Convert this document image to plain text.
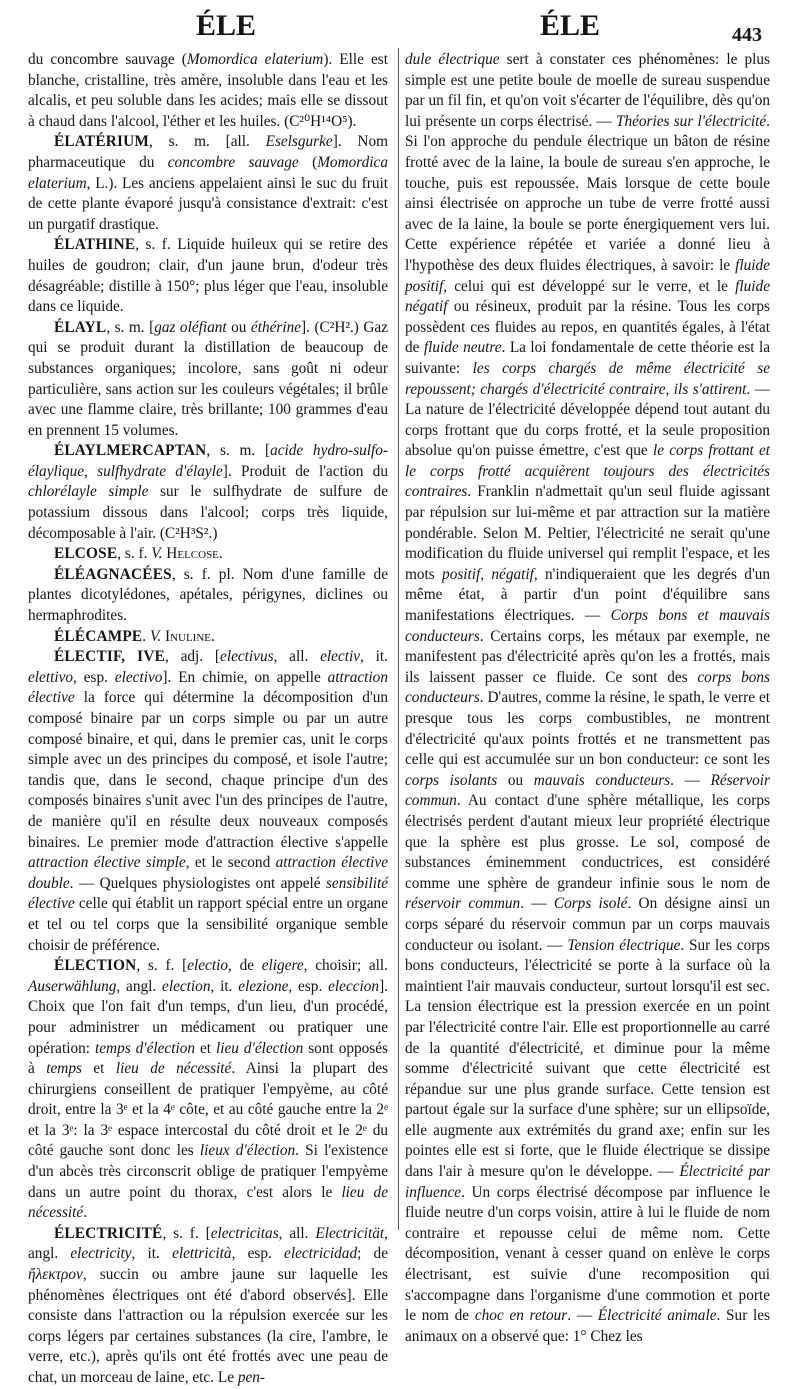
ÉLE	ÉLE	443

du concombre sauvage (Momordica elaterium). Elle est blanche, cristalline, très amère, insoluble dans l'eau et les alcalis, et peu soluble dans les acides; mais elle se dissout à chaud dans l'alcool, l'éther et les huiles. (C²⁰H¹⁴O⁵).

ÉLATÉRIUM, s. m. [all. Eselsgurke]. Nom pharmaceutique du concombre sauvage (Momordica elaterium, L.). Les anciens appelaient ainsi le suc du fruit de cette plante évaporé jusqu'à consistance d'extrait: c'est un purgatif drastique.

ÉLATHINE, s. f. Liquide huileux qui se retire des huiles de goudron; clair, d'un jaune brun, d'odeur très désagréable; distille à 150°; plus léger que l'eau, insoluble dans ce liquide.

ÉLAYL, s. m. [gaz oléfiant ou éthérine]. (C²H².) Gaz qui se produit durant la distillation de beaucoup de substances organiques; incolore, sans goût ni odeur particulière, sans action sur les couleurs végétales; il brûle avec une flamme claire, très brillante; 100 grammes d'eau en prennent 15 volumes.

ÉLAYLMERCAPTAN, s. m. [acide hydro-sulfo-élaylique, sulfhydrate d'élayle]. Produit de l'action du chlorélayle simple sur le sulfhydrate de sulfure de potassium dissous dans l'alcool; corps très liquide, décomposable à l'air. (C²H³S².)

ELCOSE, s. f. V. Helcose.

ÉLÉAGNACÉES, s. f. pl. Nom d'une famille de plantes dicotylédones, apétales, périgynes, diclines ou hermaphrodites.

ÉLÉCAMPE. V. Inuline.

ÉLECTIF, IVE, adj. [electivus, all. electiv, it. elettivo, esp. electivo]. En chimie, on appelle attraction élective la force qui détermine la décomposition d'un composé binaire par un corps simple ou par un autre composé binaire, et qui, dans le premier cas, unit le corps simple avec un des principes du composé, et isole l'autre; tandis que, dans le second, chaque principe d'un des composés binaires s'unit avec l'un des principes de l'autre, de manière qu'il en résulte deux nouveaux composés binaires. Le premier mode d'attraction élective s'appelle attraction élective simple, et le second attraction élective double. — Quelques physiologistes ont appelé sensibilité élective celle qui établit un rapport spécial entre un organe et tel ou tel corps que la sensibilité organique semble choisir de préférence.

ÉLECTION, s. f. [electio, de eligere, choisir; all. Auserwählung, angl. election, it. elezione, esp. eleccion]. Choix que l'on fait d'un temps, d'un lieu, d'un procédé, pour administrer un médicament ou pratiquer une opération: temps d'élection et lieu d'élection sont opposés à temps et lieu de nécessité. Ainsi la plupart des chirurgiens conseillent de pratiquer l'empyème, au côté droit, entre la 3ᵉ et la 4ᵉ côte, et au côté gauche entre la 2ᵉ et la 3ᵉ: la 3ᵉ espace intercostal du côté droit et le 2ᵉ du côté gauche sont donc les lieux d'élection. Si l'existence d'un abcès très circonscrit oblige de pratiquer l'empyème dans un autre point du thorax, c'est alors le lieu de nécessité.

ÉLECTRICITÉ, s. f. [electricitas, all. Electricität, angl. electricity, it. elettricità, esp. electricidad; de ἤλεκτρον, succin ou ambre jaune sur laquelle les phénomènes électriques ont été d'abord observés]. Elle consiste dans l'attraction ou la répulsion exercée sur les corps légers par certaines substances (la cire, l'ambre, le verre, etc.), après qu'ils ont été frottés avec une peau de chat, un morceau de laine, etc. Le pen-

dule électrique sert à constater ces phénomènes: le plus simple est une petite boule de moelle de sureau suspendue par un fil fin, et qu'on voit s'écarter de l'équilibre, dès qu'on lui présente un corps électrisé. — Théories sur l'électricité. Si l'on approche du pendule électrique un bâton de résine frotté avec de la laine, la boule de sureau s'en approche, le touche, puis est repoussée. Mais lorsque de cette boule ainsi électrisée on approche un tube de verre frotté aussi avec de la laine, la boule se porte énergiquement vers lui. Cette expérience répétée et variée a donné lieu à l'hypothèse des deux fluides électriques, à savoir: le fluide positif, celui qui est développé sur le verre, et le fluide négatif ou résineux, produit par la résine. Tous les corps possèdent ces fluides au repos, en quantités égales, à l'état de fluide neutre. La loi fondamentale de cette théorie est la suivante: les corps chargés de même électricité se repoussent; chargés d'électricité contraire, ils s'attirent. — La nature de l'électricité développée dépend tout autant du corps frottant que du corps frotté, et la seule proposition absolue qu'on puisse émettre, c'est que le corps frottant et le corps frotté acquièrent toujours des électricités contraires. Franklin n'admettait qu'un seul fluide agissant par répulsion sur lui-même et par attraction sur la matière pondérable. Selon M. Peltier, l'électricité ne serait qu'une modification du fluide universel qui remplit l'espace, et les mots positif, négatif, n'indiqueraient que les degrés d'un même état, à partir d'un point d'équilibre sans manifestations électriques. — Corps bons et mauvais conducteurs. Certains corps, les métaux par exemple, ne manifestent pas d'électricité après qu'on les a frottés, mais ils laissent passer ce fluide. Ce sont des corps bons conducteurs. D'autres, comme la résine, le spath, le verre et presque tous les corps combustibles, ne montrent d'électricité qu'aux points frottés et ne transmettent pas celle qui est accumulée sur un bon conducteur: ce sont les corps isolants ou mauvais conducteurs. — Réservoir commun. Au contact d'une sphère métallique, les corps électrisés perdent d'autant mieux leur propriété électrique que la sphère est plus grosse. Le sol, composé de substances éminemment conductrices, est considéré comme une sphère de grandeur infinie sous le nom de réservoir commun. — Corps isolé. On désigne ainsi un corps séparé du réservoir commun par un corps mauvais conducteur ou isolant. — Tension électrique. Sur les corps bons conducteurs, l'électricité se porte à la surface où la maintient l'air mauvais conducteur, surtout lorsqu'il est sec. La tension électrique est la pression exercée en un point par l'électricité contre l'air. Elle est proportionnelle au carré de la quantité d'électricité, et diminue pour la même somme d'électricité suivant que cette électricité est répandue sur une plus grande surface. Cette tension est partout égale sur la surface d'une sphère; sur un ellipsoïde, elle augmente aux extrémités du grand axe; enfin sur les pointes elle est si forte, que le fluide électrique se dissipe dans l'air à mesure qu'on le développe. — Électricité par influence. Un corps électrisé décompose par influence le fluide neutre d'un corps voisin, attire à lui le fluide de nom contraire et repousse celui de même nom. Cette décomposition, venant à cesser quand on enlève le corps électrisant, est suivie d'une recomposition qui s'accompagne dans l'organisme d'une commotion et porte le nom de choc en retour. — Électricité animale. Sur les animaux on a observé que: 1° Chez les
